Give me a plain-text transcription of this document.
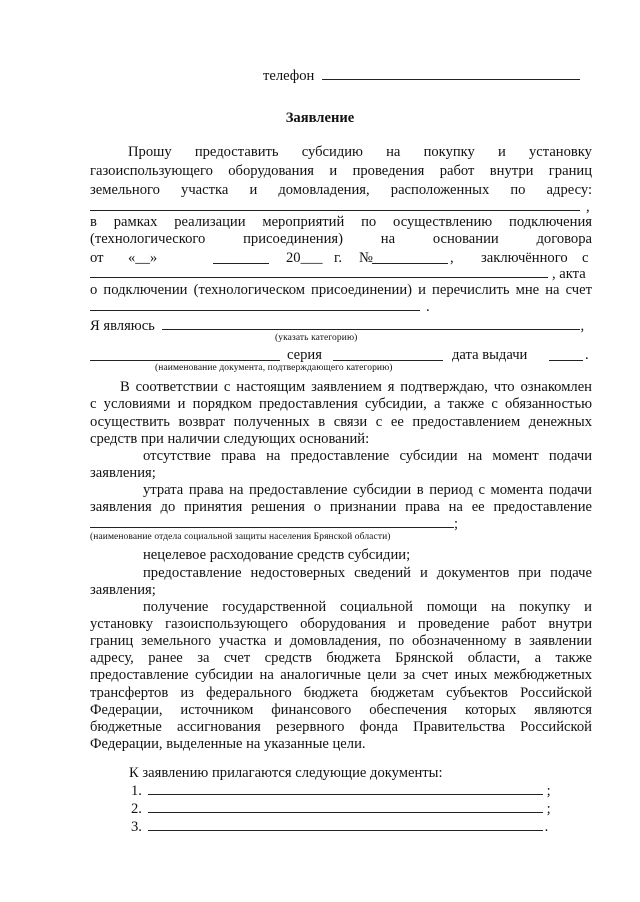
телефон
Заявление
Прошу предоставить субсидию на покупку и установку
газоиспользующего оборудования и проведения работ внутри границ
земельного участка и домовладения, расположенных по адресу:
,
в рамках реализации мероприятий по осуществлению подключения
(технологического	присоединения)	на	основании	договора
от «__»	20___ г. №	, заключённого с
, акта
о подключении (технологическом присоединении) и перечислить мне на счет
.
Я являюсь	,
(указать категорию)
серия	дата выдачи	.
(наименование документа, подтверждающего категорию)
В соответствии с настоящим заявлением я подтверждаю, что ознакомлен
с условиями и порядком предоставления субсидии, а также с обязанностью
осуществить возврат полученных в связи с ее предоставлением денежных
средств при наличии следующих оснований:
отсутствие права на предоставление субсидии на момент подачи
заявления;
утрата права на предоставление субсидии в период с момента подачи
заявления до принятия решения о признании права на ее предоставление
;
(наименование отдела социальной защиты населения Брянской области)
нецелевое расходование средств субсидии;
предоставление недостоверных сведений и документов при подаче
заявления;
получение государственной социальной помощи на покупку и
установку газоиспользующего оборудования и проведение работ внутри
границ земельного участка и домовладения, по обозначенному в заявлении
адресу, ранее за счет средств бюджета Брянской области, а также
предоставление субсидии на аналогичные цели за счет иных межбюджетных
трансфертов из федерального бюджета бюджетам субъектов Российской
Федерации, источником финансового обеспечения которых являются
бюджетные ассигнования резервного фонда Правительства Российской
Федерации, выделенные на указанные цели.
К заявлению прилагаются следующие документы:
1.	;
2.	;
3.	.
